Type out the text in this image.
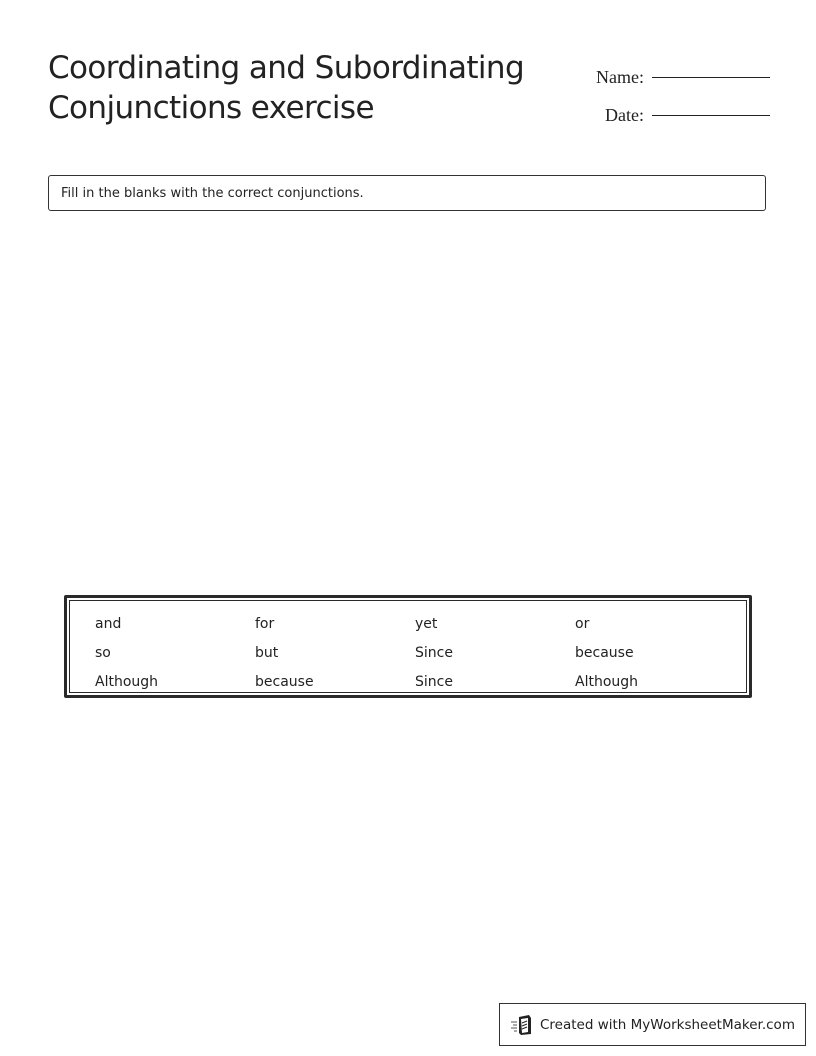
Coordinating and Subordinating Conjunctions exercise
Name:
Date:
Fill in the blanks with the correct conjunctions.
and	for	yet	or
so	but	Since	because
Although	because	Since	Although
Created with MyWorksheetMaker.com
